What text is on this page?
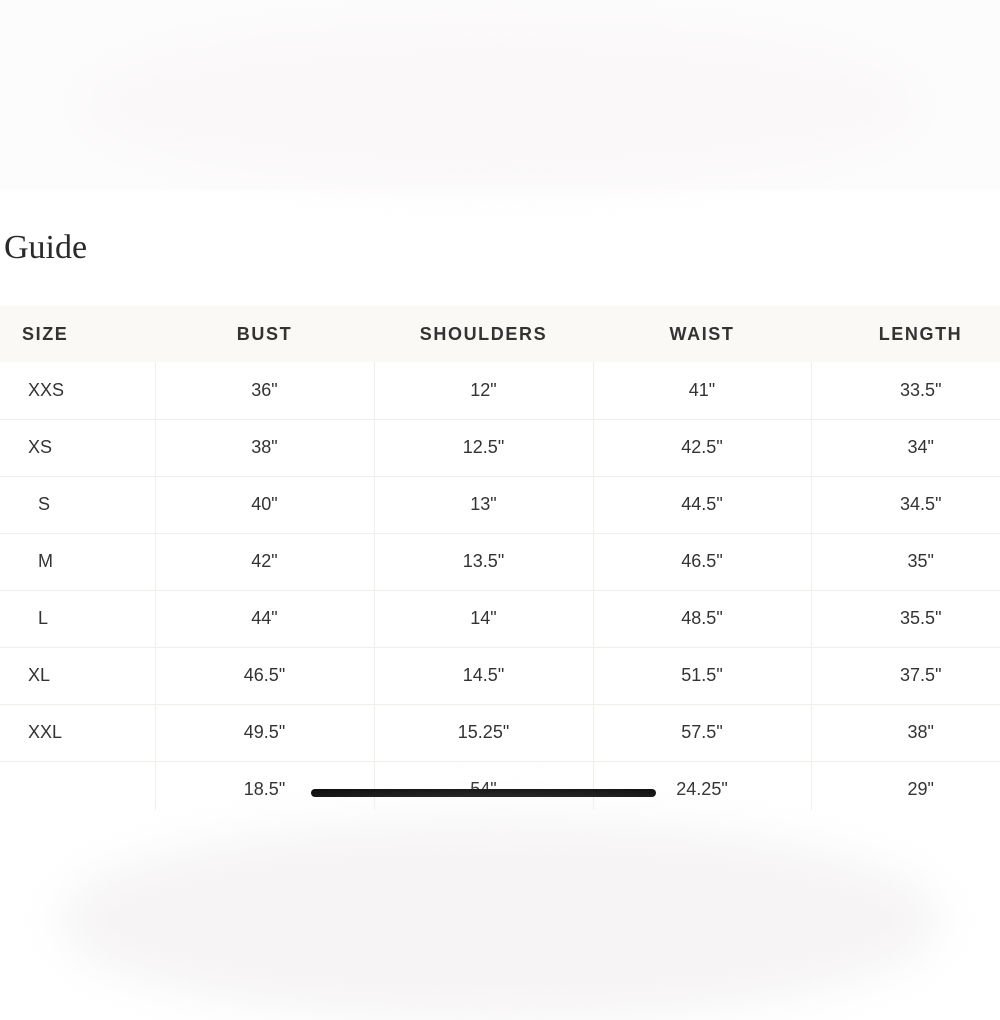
Guide
SIZE	BUST	SHOULDERS	WAIST	LENGTH
XXS	36"	12"	41"	33.5"
XS	38"	12.5"	42.5"	34"
S	40"	13"	44.5"	34.5"
M	42"	13.5"	46.5"	35"
L	44"	14"	48.5"	35.5"
XL	46.5"	14.5"	51.5"	37.5"
XXL	49.5"	15.25"	57.5"	38"
	18.5"		24.25"	29"
